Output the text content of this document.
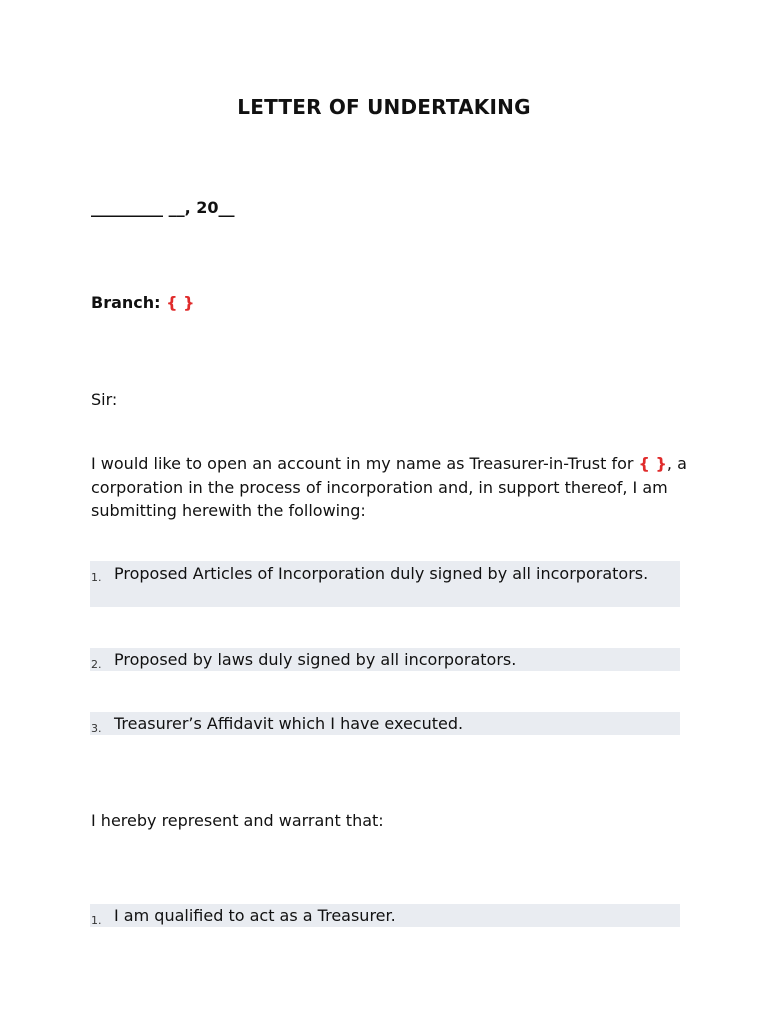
LETTER OF UNDERTAKING
_________ __, 20__
Branch: { }
Sir:
I would like to open an account in my name as Treasurer-in-Trust for { }, a corporation in the process of incorporation and, in support thereof, I am submitting herewith the following:
1. Proposed Articles of Incorporation duly signed by all incorporators.
2. Proposed by laws duly signed by all incorporators.
3. Treasurer’s Affidavit which I have executed.
I hereby represent and warrant that:
1. I am qualified to act as a Treasurer.
